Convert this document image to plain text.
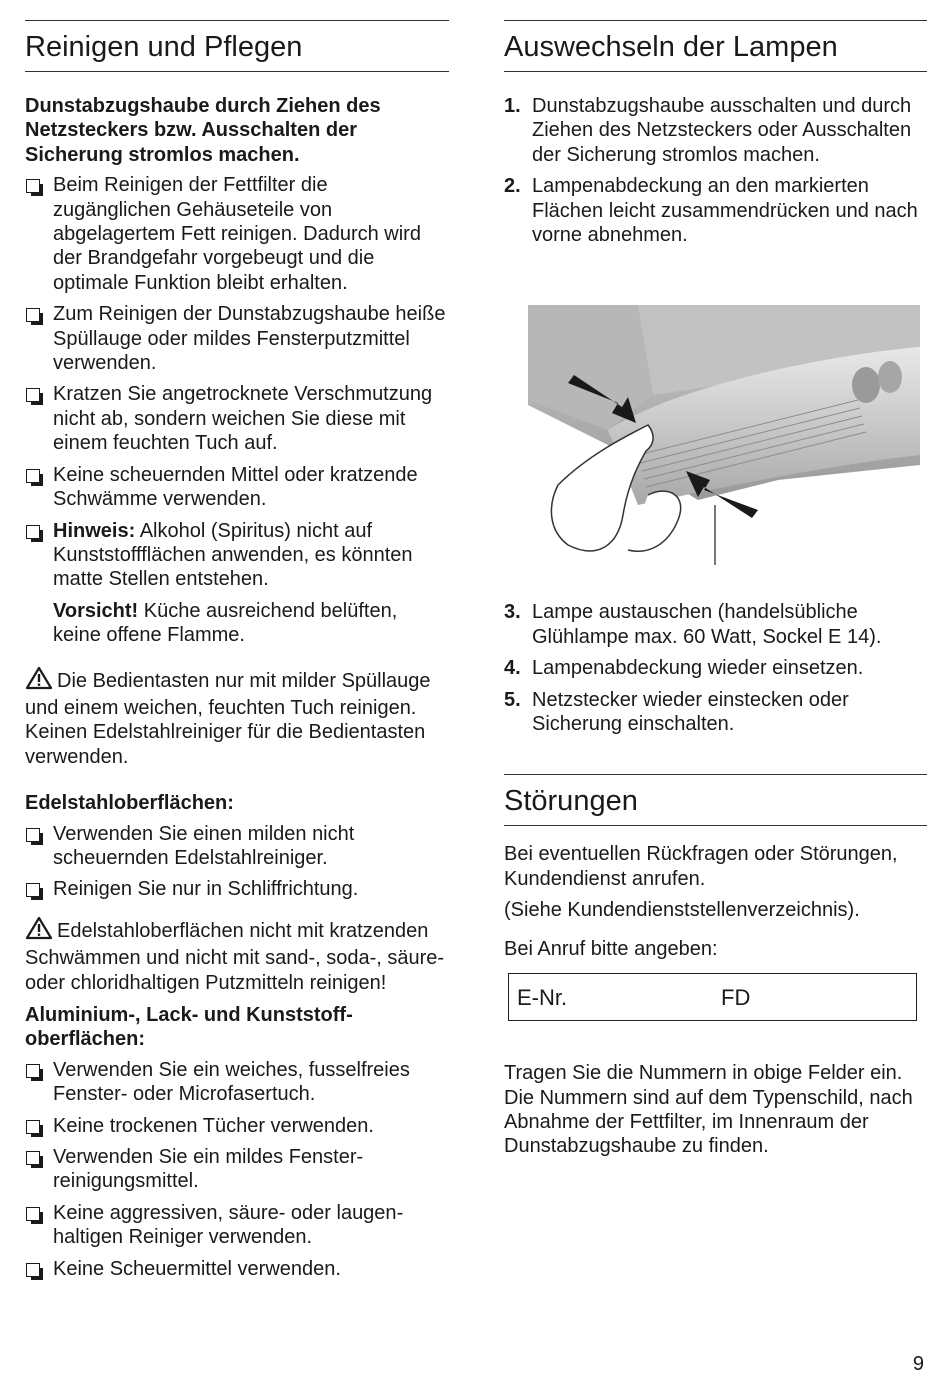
Reinigen und Pflegen

Dunstabzugshaube durch Ziehen des Netzsteckers bzw. Ausschalten der Sicherung stromlos machen.

Beim Reinigen der Fettfilter die zugänglichen Gehäuseteile von abgelagertem Fett reinigen. Dadurch wird der Brandgefahr vorgebeugt und die optimale Funktion bleibt erhalten.
Zum Reinigen der Dunstabzugshaube heiße Spüllauge oder mildes Fensterputzmittel verwenden.
Kratzen Sie angetrocknete Verschmutzung nicht ab, sondern weichen Sie diese mit einem feuchten Tuch auf.
Keine scheuernden Mittel oder kratzende Schwämme verwenden.
Hinweis: Alkohol (Spiritus) nicht auf Kunststoffflächen anwenden, es könnten matte Stellen entstehen.

Vorsicht! Küche ausreichend belüften, keine offene Flamme.

Die Bedientasten nur mit milder Spüllauge und einem weichen, feuchten Tuch reinigen. Keinen Edelstahlreiniger für die Bedientasten verwenden.

Edelstahloberflächen:

Verwenden Sie einen milden nicht scheuernden Edelstahlreiniger.
Reinigen Sie nur in Schliffrichtung.

Edelstahloberflächen nicht mit kratzenden Schwämmen und nicht mit sand-, soda-, säure- oder chloridhaltigen Putzmitteln reinigen!

Aluminium-, Lack- und Kunststoffoberflächen:

Verwenden Sie ein weiches, fusselfreies Fenster- oder Microfasertuch.
Keine trockenen Tücher verwenden.
Verwenden Sie ein mildes Fensterreinigungsmittel.
Keine aggressiven, säure- oder laugenhaltigen Reiniger verwenden.
Keine Scheuermittel verwenden.
Auswechseln der Lampen
1. Dunstabzugshaube ausschalten und durch Ziehen des Netzsteckers oder Ausschalten der Sicherung stromlos machen.
2. Lampenabdeckung an den markierten Flächen leicht zusammendrücken und nach vorne abnehmen.
3. Lampe austauschen (handelsübliche Glühlampe max. 60 Watt, Sockel E 14).
4. Lampenabdeckung wieder einsetzen.
5. Netzstecker wieder einstecken oder Sicherung einschalten.
Störungen

Bei eventuellen Rückfragen oder Störungen, Kundendienst anrufen.

(Siehe Kundendienststellenverzeichnis).

Bei Anruf bitte angeben:

E-Nr.	FD

Tragen Sie die Nummern in obige Felder ein. Die Nummern sind auf dem Typenschild, nach Abnahme der Fettfilter, im Innenraum der Dunstabzugshaube zu finden.

9
